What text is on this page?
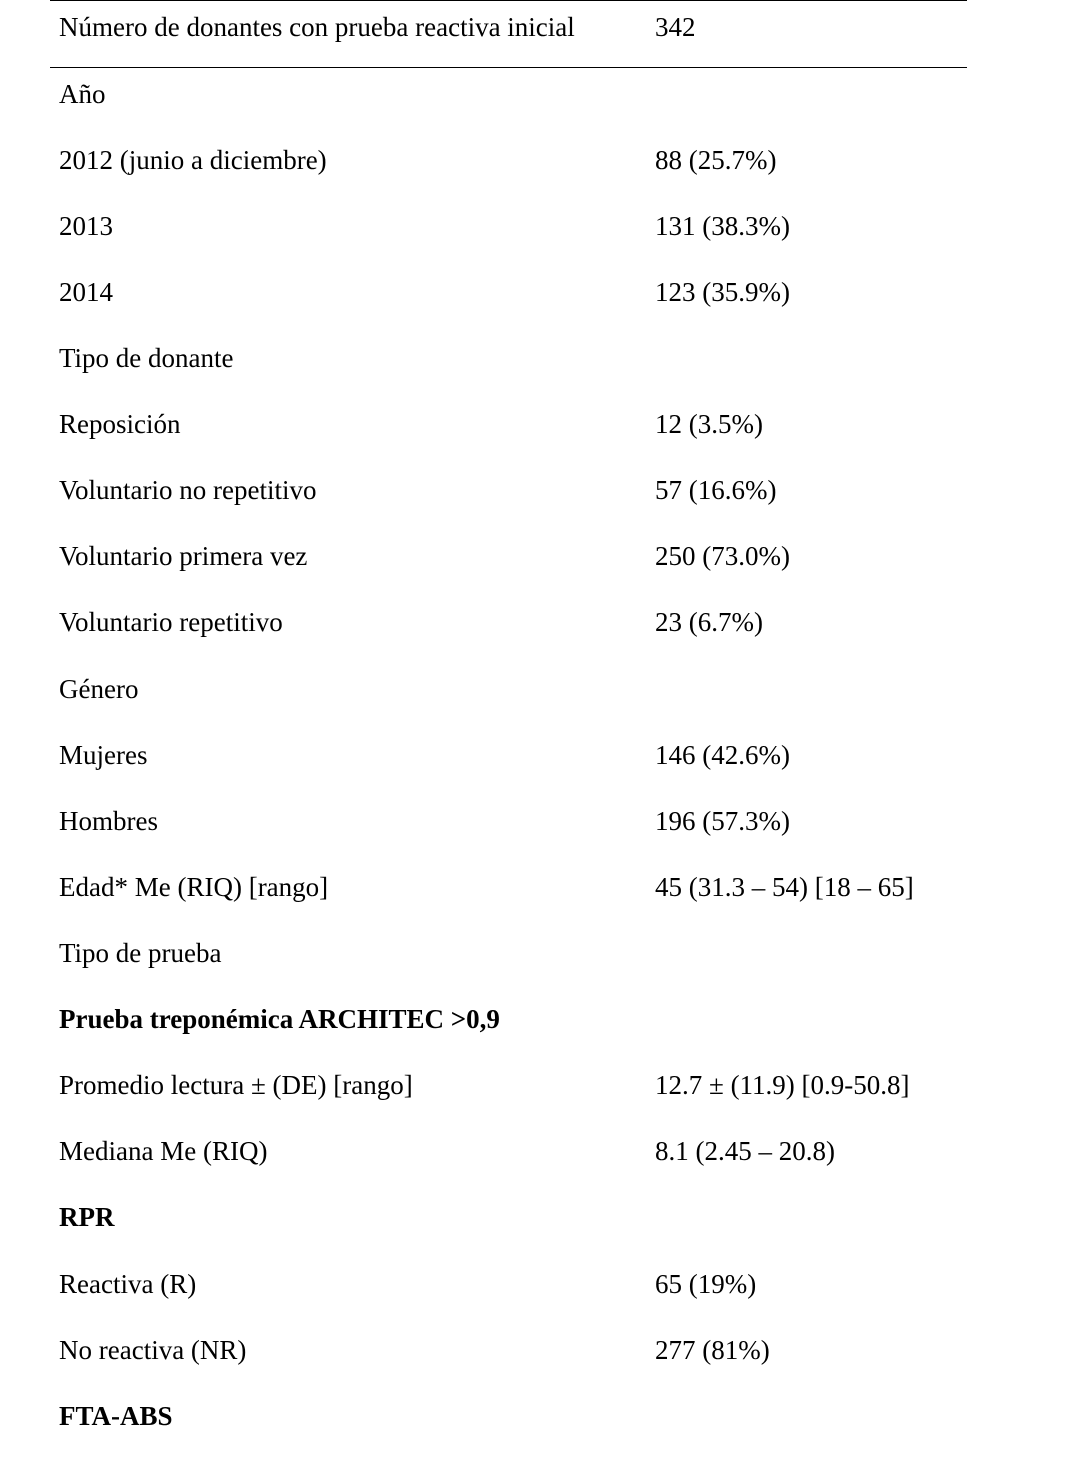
Número de donantes con prueba reactiva inicial	342
Año
2012 (junio a diciembre)	88 (25.7%)
2013	131 (38.3%)
2014	123 (35.9%)
Tipo de donante
Reposición	12 (3.5%)
Voluntario no repetitivo	57 (16.6%)
Voluntario primera vez	250 (73.0%)
Voluntario repetitivo	23 (6.7%)
Género
Mujeres	146 (42.6%)
Hombres	196 (57.3%)
Edad* Me (RIQ) [rango]	45 (31.3 – 54) [18 – 65]
Tipo de prueba
Prueba treponémica ARCHITEC >0,9
Promedio lectura ± (DE) [rango]	12.7 ± (11.9) [0.9-50.8]
Mediana Me (RIQ)	8.1 (2.45 – 20.8)
RPR
Reactiva (R)	65 (19%)
No reactiva (NR)	277 (81%)
FTA-ABS
